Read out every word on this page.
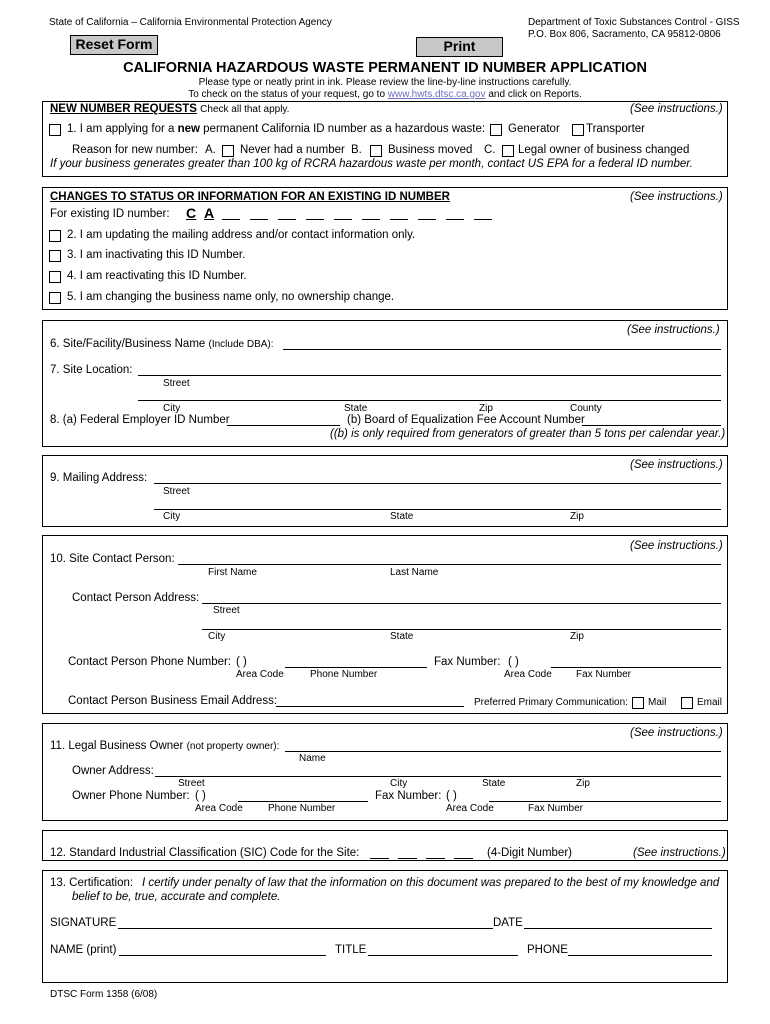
State of California – California Environmental Protection Agency	Department of Toxic Substances Control - GISS
P.O. Box 806, Sacramento, CA 95812-0806
Reset Form	Print
CALIFORNIA HAZARDOUS WASTE PERMANENT ID NUMBER APPLICATION
Please type or neatly print in ink. Please review the line-by-line instructions carefully.
To check on the status of your request, go to www.hwts.dtsc.ca.gov and click on Reports.
NEW NUMBER REQUESTS Check all that apply.	(See instructions.)
1. I am applying for a new permanent California ID number as a hazardous waste: Generator Transporter
Reason for new number: A. Never had a number B. Business moved C. Legal owner of business changed
If your business generates greater than 100 kg of RCRA hazardous waste per month, contact US EPA for a federal ID number.
CHANGES TO STATUS OR INFORMATION FOR AN EXISTING ID NUMBER	(See instructions.)
For existing ID number: C A
2. I am updating the mailing address and/or contact information only.
3. I am inactivating this ID Number.
4. I am reactivating this ID Number.
5. I am changing the business name only, no ownership change.
(See instructions.)
6. Site/Facility/Business Name (Include DBA):
7. Site Location:
Street
City	State	Zip	County
8. (a) Federal Employer ID Number	(b) Board of Equalization Fee Account Number
((b) is only required from generators of greater than 5 tons per calendar year.)
(See instructions.)
9. Mailing Address:
Street
City	State	Zip
(See instructions.)
10. Site Contact Person:
First Name	Last Name
Contact Person Address:
Street
City	State	Zip
Contact Person Phone Number: ( )
Area Code	Phone Number
Fax Number: ( )
Area Code Fax Number
Contact Person Business Email Address:	Preferred Primary Communication: Mail	Email
(See instructions.)
11. Legal Business Owner (not property owner):
Name
Owner Address:
Street	City	State	Zip
Owner Phone Number: ( )
Area Code	Phone Number
Fax Number: ( )
Area Code	Fax Number
12. Standard Industrial Classification (SIC) Code for the Site:	(4-Digit Number)	(See instructions.)
13. Certification: I certify under penalty of law that the information on this document was prepared to the best of my knowledge and
belief to be, true, accurate and complete.
SIGNATURE	DATE
NAME (print)	TITLE	PHONE
DTSC Form 1358 (6/08)
